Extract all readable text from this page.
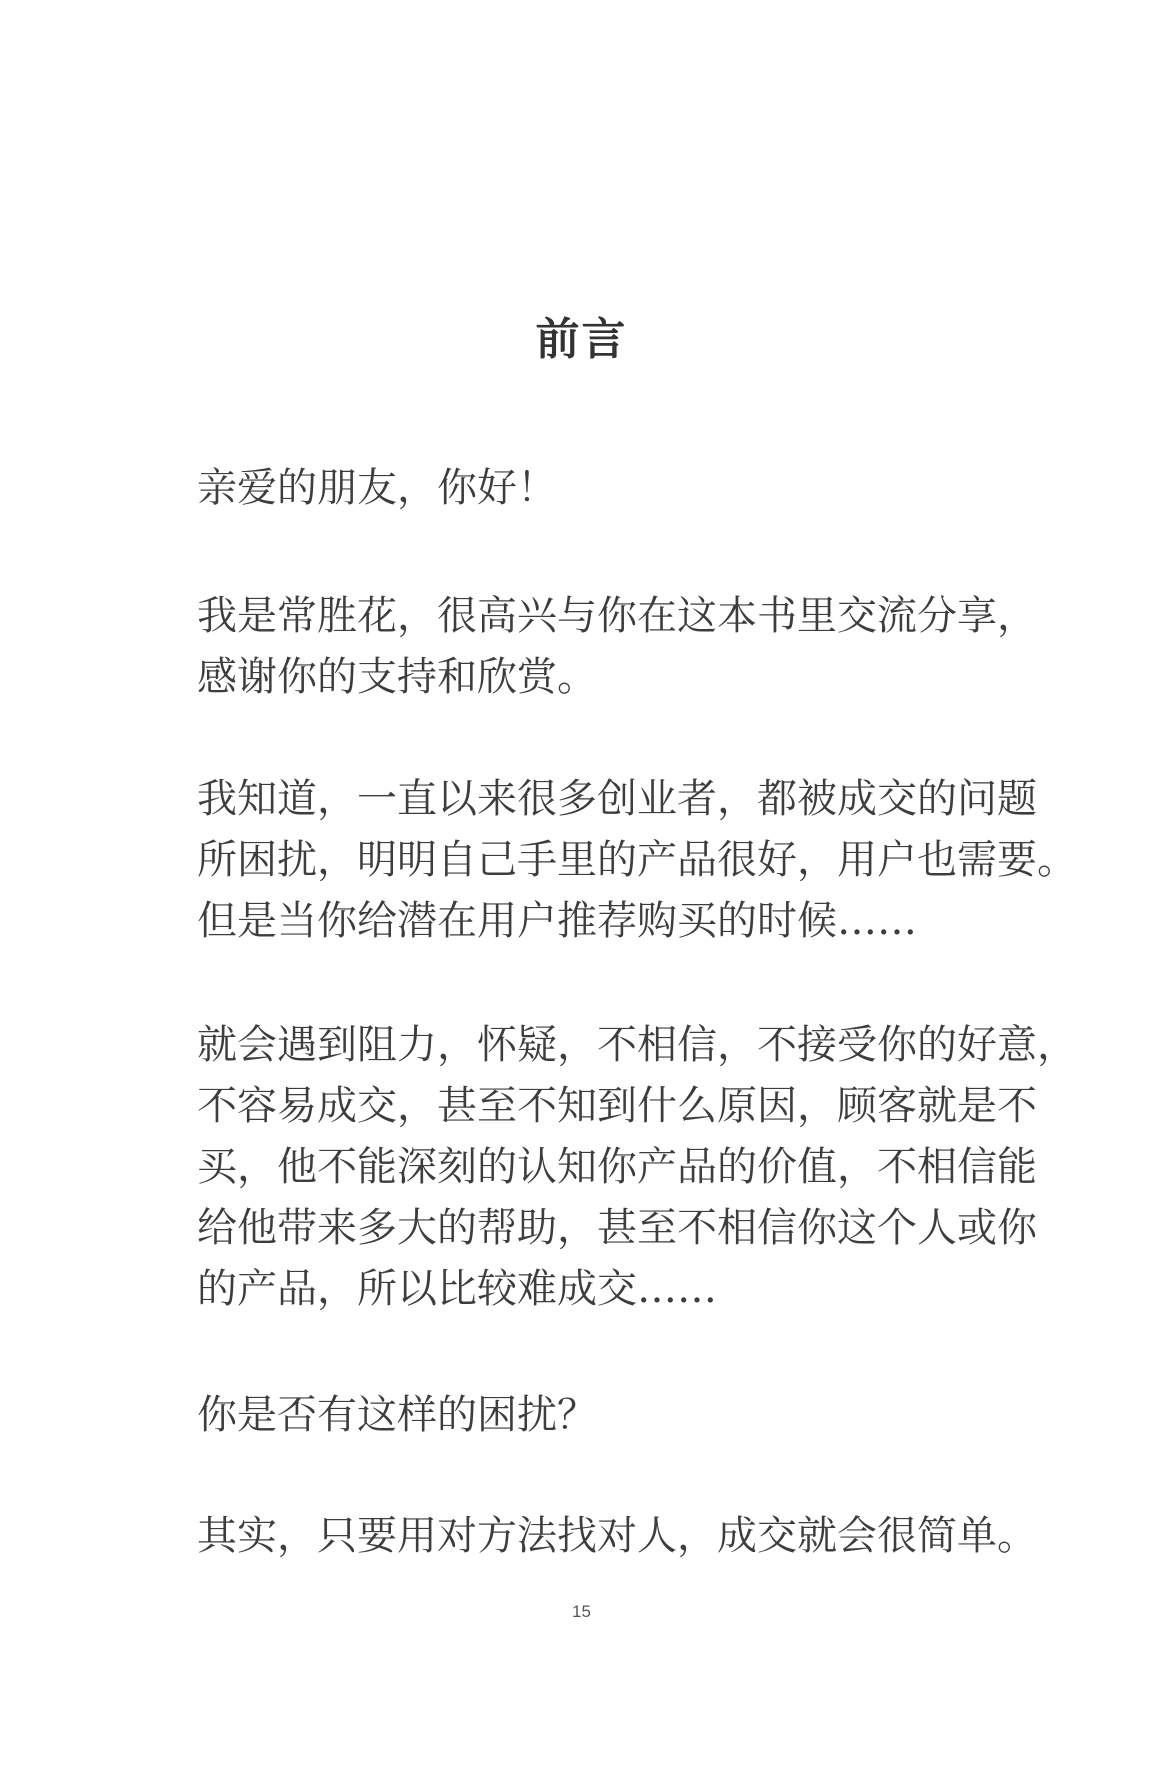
前言

亲爱的朋友，你好！

我是常胜花，很高兴与你在这本书里交流分享，
感谢你的支持和欣赏。

我知道，一直以来很多创业者，都被成交的问题
所困扰，明明自己手里的产品很好，用户也需要。
但是当你给潜在用户推荐购买的时候……

就会遇到阻力，怀疑，不相信，不接受你的好意，
不容易成交，甚至不知到什么原因，顾客就是不
买，他不能深刻的认知你产品的价值，不相信能
给他带来多大的帮助，甚至不相信你这个人或你
的产品，所以比较难成交……

你是否有这样的困扰？

其实，只要用对方法找对人，成交就会很简单。

15
